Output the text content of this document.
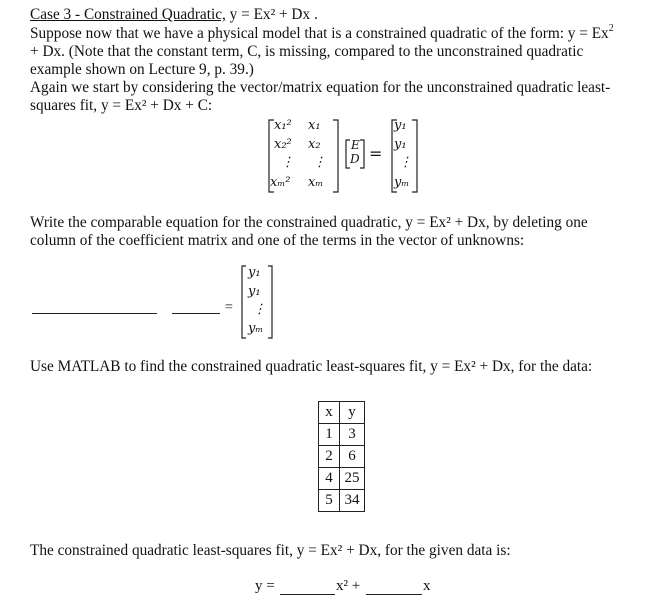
Case 3 - Constrained Quadratic, y = Ex² + Dx .
Suppose now that we have a physical model that is a constrained quadratic of the form: $y = Ex^2$
+ Dx. (Note that the constant term, C, is missing, compared to the unconstrained quadratic
example shown on Lecture 9, p. 39.)
Again we start by considering the vector/matrix equation for the unconstrained quadratic least-
squares fit, y = Ex² + Dx + C:
x₁² x₁
x₂² x₂
⋮ ⋮
xₘ² xₘ
E
D =
y₁
y₁
⋮
yₘ
Write the comparable equation for the constrained quadratic, y = Ex² + Dx, by deleting one
column of the coefficient matrix and one of the terms in the vector of unknowns:
=
y₁
y₁
⋮
yₘ
Use MATLAB to find the constrained quadratic least-squares fit, y = Ex² + Dx, for the data:
x	y
1	3
2	6
4	25
5	34
The constrained quadratic least-squares fit, y = Ex² + Dx, for the given data is:
y =	x² +	x
